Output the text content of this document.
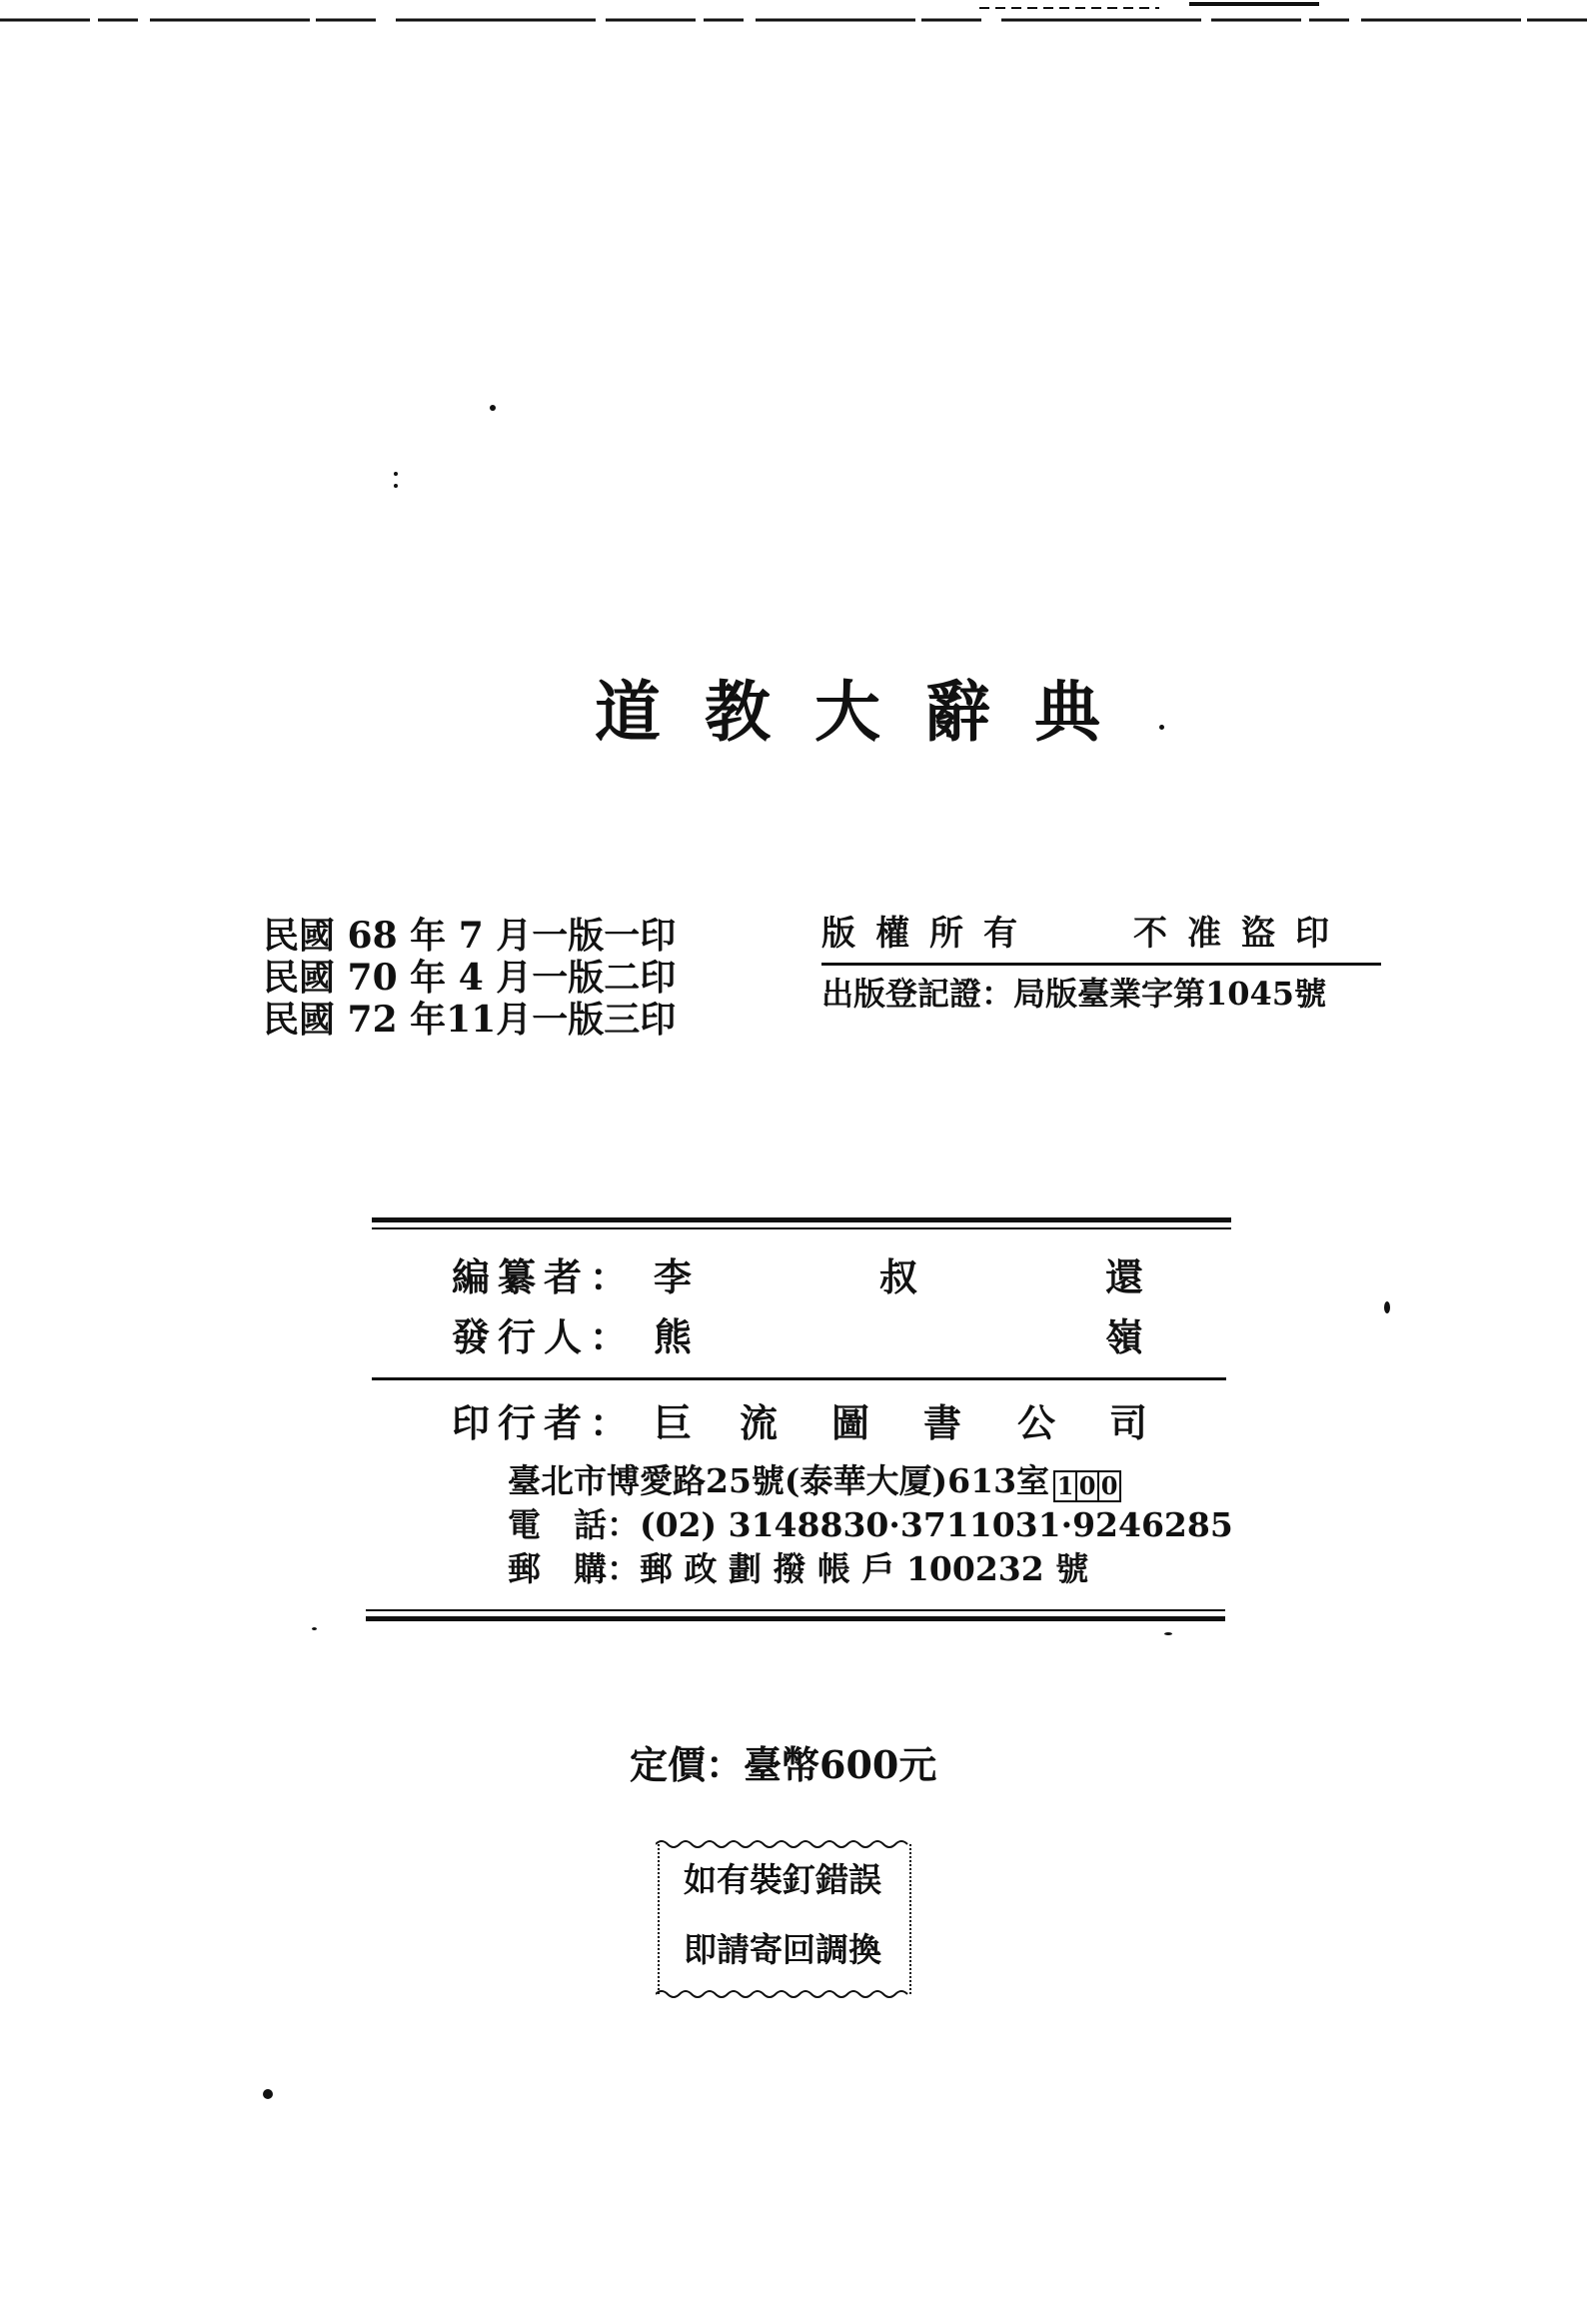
道教大辭典
民國 68 年 7 月一版一印
民國 70 年 4 月一版二印
民國 72 年11月一版三印
版權所有	不准盜印
出版登記證：局版臺業字第1045號
編纂者： 李	叔	還
發行人： 熊	嶺
印行者： 巨 流 圖 書 公 司
臺北市博愛路25號(泰華大厦)613室 1 0 0
電　話：(02) 3148830·3711031·9246285
郵　購：郵 政 劃 撥 帳 戶 100232 號
定價：臺幣600元
如有裝釘錯誤
即請寄回調換
